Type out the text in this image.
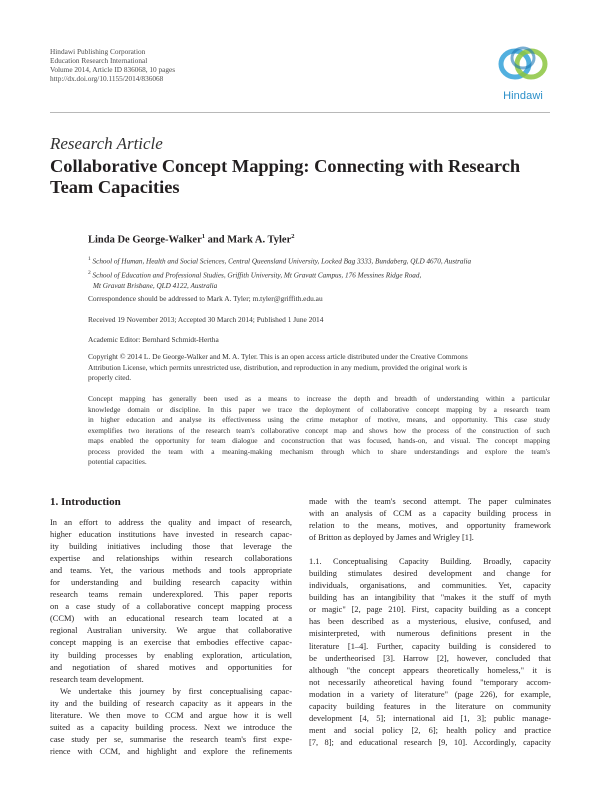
Hindawi Publishing Corporation
Education Research International
Volume 2014, Article ID 836068, 10 pages
http://dx.doi.org/10.1155/2014/836068
Hindawi
Research Article
Collaborative Concept Mapping: Connecting with Research
Team Capacities
Linda De George-Walker$^1$ and Mark A. Tyler$^2$
$^1$ School of Human, Health and Social Sciences, Central Queensland University, Locked Bag 3333, Bundaberg, QLD 4670, Australia
$^2$ School of Education and Professional Studies, Griffith University, Mt Gravatt Campus, 176 Messines Ridge Road,
Mt Gravatt Brisbane, QLD 4122, Australia
Correspondence should be addressed to Mark A. Tyler; m.tyler@griffith.edu.au
Received 19 November 2013; Accepted 30 March 2014; Published 1 June 2014
Academic Editor: Bernhard Schmidt-Hertha
Copyright © 2014 L. De George-Walker and M. A. Tyler. This is an open access article distributed under the Creative Commons
Attribution License, which permits unrestricted use, distribution, and reproduction in any medium, provided the original work is
properly cited.
Concept mapping has generally been used as a means to increase the depth and breadth of understanding within a particular
knowledge domain or discipline. In this paper we trace the deployment of collaborative concept mapping by a research team
in higher education and analyse its effectiveness using the crime metaphor of motive, means, and opportunity. This case study
exemplifies two iterations of the research team's collaborative concept map and shows how the process of the construction of such
maps enabled the opportunity for team dialogue and coconstruction that was focused, hands-on, and visual. The concept mapping
process provided the team with a meaning-making mechanism through which to share understandings and explore the team's
potential capacities.
1. Introduction
In an effort to address the quality and impact of research,
higher education institutions have invested in research capac-
ity building initiatives including those that leverage the
expertise and relationships within research collaborations
and teams. Yet, the various methods and tools appropriate
for understanding and building research capacity within
research teams remain underexplored. This paper reports
on a case study of a collaborative concept mapping process
(CCM) with an educational research team located at a
regional Australian university. We argue that collaborative
concept mapping is an exercise that embodies effective capac-
ity building processes by enabling exploration, articulation,
and negotiation of shared motives and opportunities for
research team development.
We undertake this journey by first conceptualising capac-
ity and the building of research capacity as it appears in the
literature. We then move to CCM and argue how it is well
suited as a capacity building process. Next we introduce the
case study per se, summarise the research team's first expe-
rience with CCM, and highlight and explore the refinements
made with the team's second attempt. The paper culminates
with an analysis of CCM as a capacity building process in
relation to the means, motives, and opportunity framework
of Britton as deployed by James and Wrigley [1].
1.1. Conceptualising Capacity Building. Broadly, capacity
building stimulates desired development and change for
individuals, organisations, and communities. Yet, capacity
building has an intangibility that "makes it the stuff of myth
or magic" [2, page 210]. First, capacity building as a concept
has been described as a mysterious, elusive, confused, and
misinterpreted, with numerous definitions present in the
literature [1–4]. Further, capacity building is considered to
be undertheorised [3]. Harrow [2], however, concluded that
although "the concept appears theoretically homeless," it is
not necessarily atheoretical having found "temporary accom-
modation in a variety of literature" (page 226), for example,
capacity building features in the literature on community
development [4, 5]; international aid [1, 3]; public manage-
ment and social policy [2, 6]; health policy and practice
[7, 8]; and educational research [9, 10]. Accordingly, capacity
